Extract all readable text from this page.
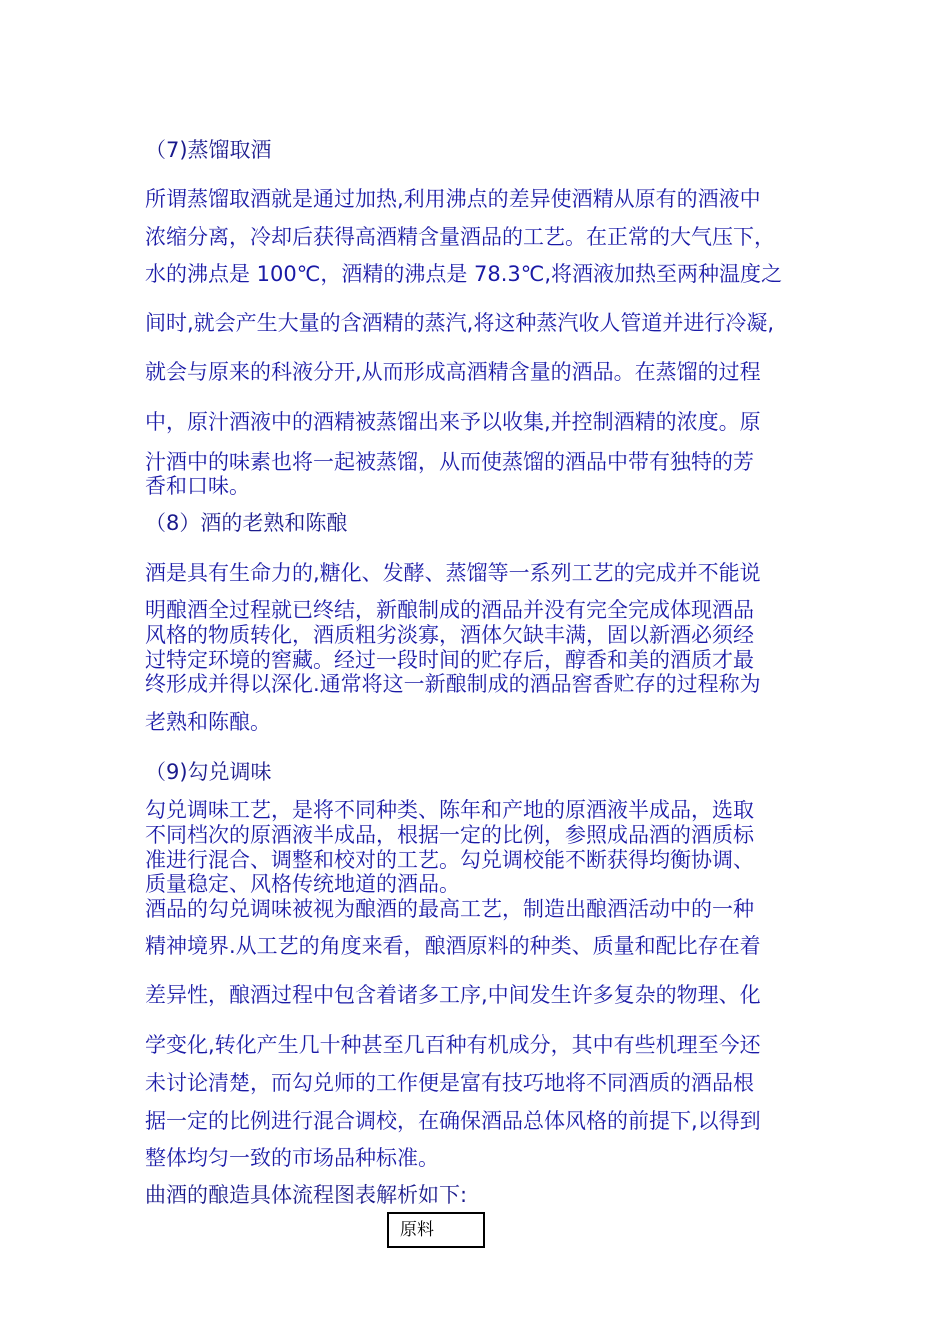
（7)蒸馏取酒
所谓蒸馏取酒就是通过加热,利用沸点的差异使酒精从原有的酒液中
浓缩分离，冷却后获得高酒精含量酒品的工艺。在正常的大气压下，
水的沸点是 100℃，酒精的沸点是 78.3℃,将酒液加热至两种温度之
间时,就会产生大量的含酒精的蒸汽,将这种蒸汽收人管道并进行冷凝,
就会与原来的科液分开,从而形成高酒精含量的酒品。在蒸馏的过程
中，原汁酒液中的酒精被蒸馏出来予以收集,并控制酒精的浓度。原
汁酒中的味素也将一起被蒸馏，从而使蒸馏的酒品中带有独特的芳
香和口味。
（8）酒的老熟和陈酿
酒是具有生命力的,糖化、发酵、蒸馏等一系列工艺的完成并不能说
明酿酒全过程就已终结，新酿制成的酒品并没有完全完成体现酒品
风格的物质转化，酒质粗劣淡寡，酒体欠缺丰满，固以新酒必须经
过特定环境的窖藏。经过一段时间的贮存后，醇香和美的酒质才最
终形成并得以深化.通常将这一新酿制成的酒品窖香贮存的过程称为
老熟和陈酿。
（9)勾兑调味
勾兑调味工艺，是将不同种类、陈年和产地的原酒液半成品，选取
不同档次的原酒液半成品，根据一定的比例，参照成品酒的酒质标
准进行混合、调整和校对的工艺。勾兑调校能不断获得均衡协调、
质量稳定、风格传统地道的酒品。
酒品的勾兑调味被视为酿酒的最高工艺，制造出酿酒活动中的一种
精神境界.从工艺的角度来看，酿酒原料的种类、质量和配比存在着
差异性，酿酒过程中包含着诸多工序,中间发生许多复杂的物理、化
学变化,转化产生几十种甚至几百种有机成分，其中有些机理至今还
未讨论清楚，而勾兑师的工作便是富有技巧地将不同酒质的酒品根
据一定的比例进行混合调校，在确保酒品总体风格的前提下,以得到
整体均匀一致的市场品种标准。
曲酒的酿造具体流程图表解析如下:
原料
